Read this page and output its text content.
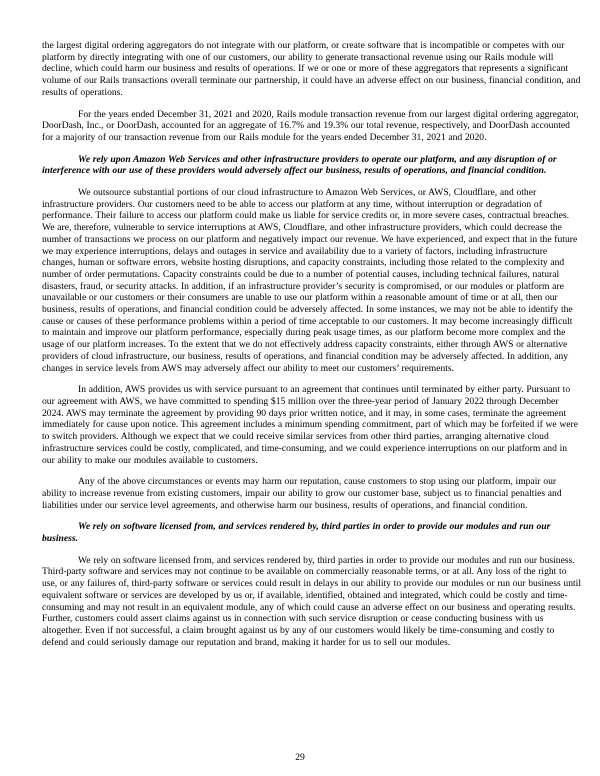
the largest digital ordering aggregators do not integrate with our platform, or create software that is incompatible or competes with our platform by directly integrating with one of our customers, our ability to generate transactional revenue using our Rails module will decline, which could harm our business and results of operations. If we or one or more of these aggregators that represents a significant volume of our Rails transactions overall terminate our partnership, it could have an adverse effect on our business, financial condition, and results of operations.

For the years ended December 31, 2021 and 2020, Rails module transaction revenue from our largest digital ordering aggregator, DoorDash, Inc., or DoorDash, accounted for an aggregate of 16.7% and 19.3% our total revenue, respectively, and DoorDash accounted for a majority of our transaction revenue from our Rails module for the years ended December 31, 2021 and 2020.

We rely upon Amazon Web Services and other infrastructure providers to operate our platform, and any disruption of or interference with our use of these providers would adversely affect our business, results of operations, and financial condition.

We outsource substantial portions of our cloud infrastructure to Amazon Web Services, or AWS, Cloudflare, and other infrastructure providers. Our customers need to be able to access our platform at any time, without interruption or degradation of performance. Their failure to access our platform could make us liable for service credits or, in more severe cases, contractual breaches. We are, therefore, vulnerable to service interruptions at AWS, Cloudflare, and other infrastructure providers, which could decrease the number of transactions we process on our platform and negatively impact our revenue. We have experienced, and expect that in the future we may experience interruptions, delays and outages in service and availability due to a variety of factors, including infrastructure changes, human or software errors, website hosting disruptions, and capacity constraints, including those related to the complexity and number of order permutations. Capacity constraints could be due to a number of potential causes, including technical failures, natural disasters, fraud, or security attacks. In addition, if an infrastructure provider’s security is compromised, or our modules or platform are unavailable or our customers or their consumers are unable to use our platform within a reasonable amount of time or at all, then our business, results of operations, and financial condition could be adversely affected. In some instances, we may not be able to identify the cause or causes of these performance problems within a period of time acceptable to our customers. It may become increasingly difficult to maintain and improve our platform performance, especially during peak usage times, as our platform become more complex and the usage of our platform increases. To the extent that we do not effectively address capacity constraints, either through AWS or alternative providers of cloud infrastructure, our business, results of operations, and financial condition may be adversely affected. In addition, any changes in service levels from AWS may adversely affect our ability to meet our customers’ requirements.

In addition, AWS provides us with service pursuant to an agreement that continues until terminated by either party. Pursuant to our agreement with AWS, we have committed to spending $15 million over the three-year period of January 2022 through December 2024. AWS may terminate the agreement by providing 90 days prior written notice, and it may, in some cases, terminate the agreement immediately for cause upon notice. This agreement includes a minimum spending commitment, part of which may be forfeited if we were to switch providers. Although we expect that we could receive similar services from other third parties, arranging alternative cloud infrastructure services could be costly, complicated, and time-consuming, and we could experience interruptions on our platform and in our ability to make our modules available to customers.

Any of the above circumstances or events may harm our reputation, cause customers to stop using our platform, impair our ability to increase revenue from existing customers, impair our ability to grow our customer base, subject us to financial penalties and liabilities under our service level agreements, and otherwise harm our business, results of operations, and financial condition.

We rely on software licensed from, and services rendered by, third parties in order to provide our modules and run our business.

We rely on software licensed from, and services rendered by, third parties in order to provide our modules and run our business. Third-party software and services may not continue to be available on commercially reasonable terms, or at all. Any loss of the right to use, or any failures of, third-party software or services could result in delays in our ability to provide our modules or run our business until equivalent software or services are developed by us or, if available, identified, obtained and integrated, which could be costly and time-consuming and may not result in an equivalent module, any of which could cause an adverse effect on our business and operating results. Further, customers could assert claims against us in connection with such service disruption or cease conducting business with us altogether. Even if not successful, a claim brought against us by any of our customers would likely be time-consuming and costly to defend and could seriously damage our reputation and brand, making it harder for us to sell our modules.

29
